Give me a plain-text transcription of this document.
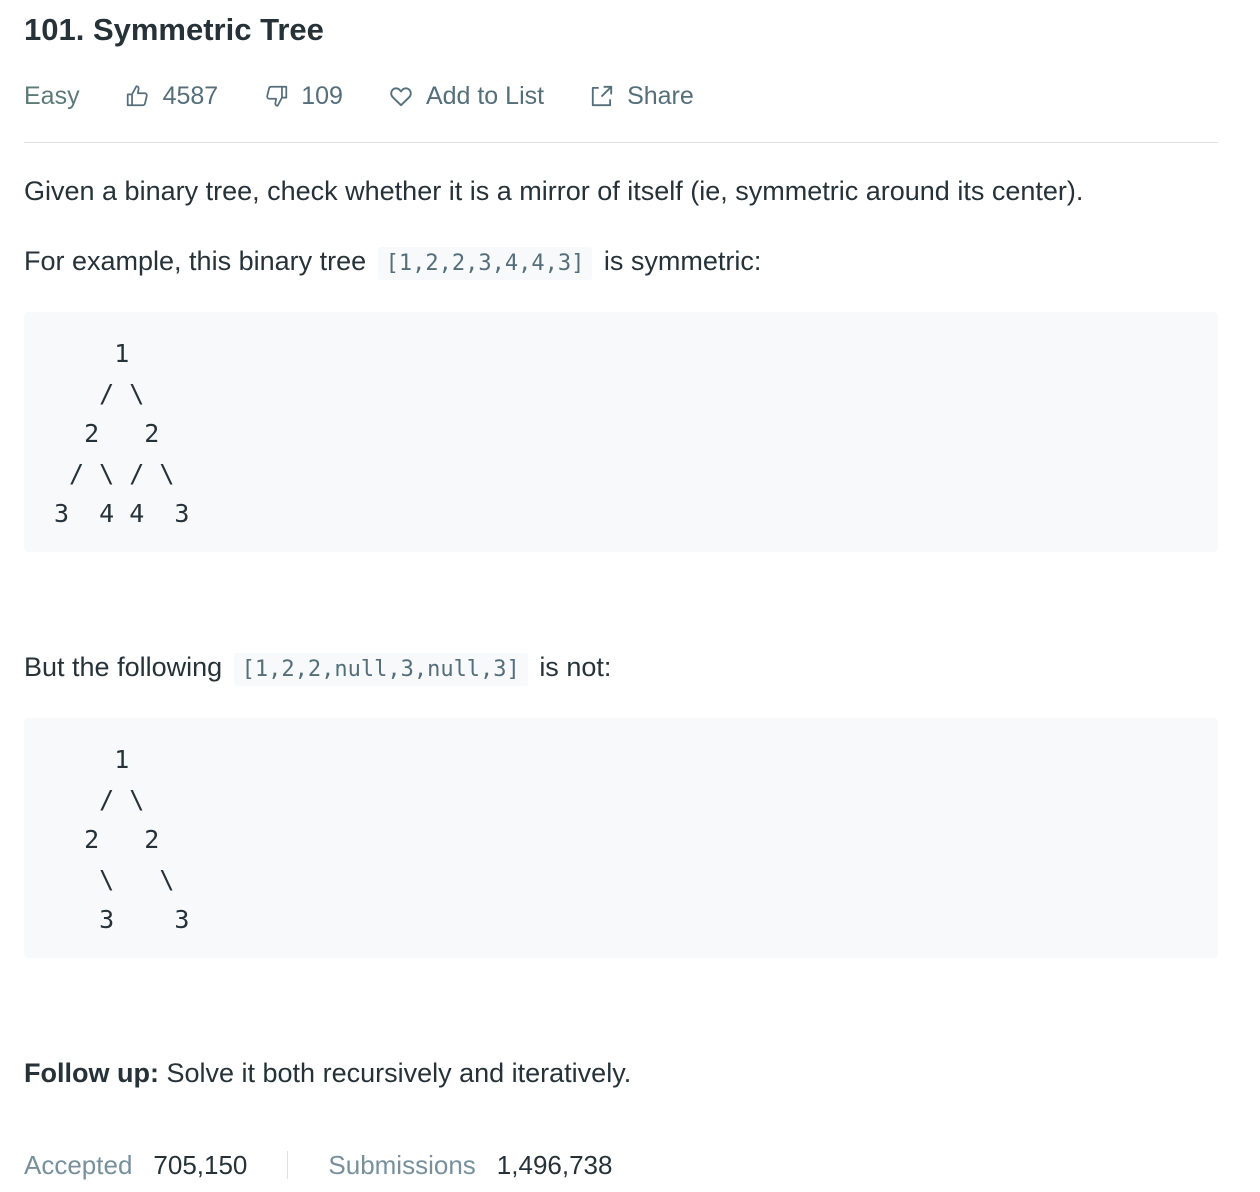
101. Symmetric Tree
Easy	4587	109	Add to List	Share
Given a binary tree, check whether it is a mirror of itself (ie, symmetric around its center).
For example, this binary tree [1,2,2,3,4,4,3] is symmetric:
1
/ \
2   2
/ \ / \
3  4 4  3
But the following [1,2,2,null,3,null,3] is not:
1
/ \
2   2
\   \
3    3
Follow up: Solve it both recursively and iteratively.
Accepted 705,150	Submissions 1,496,738
